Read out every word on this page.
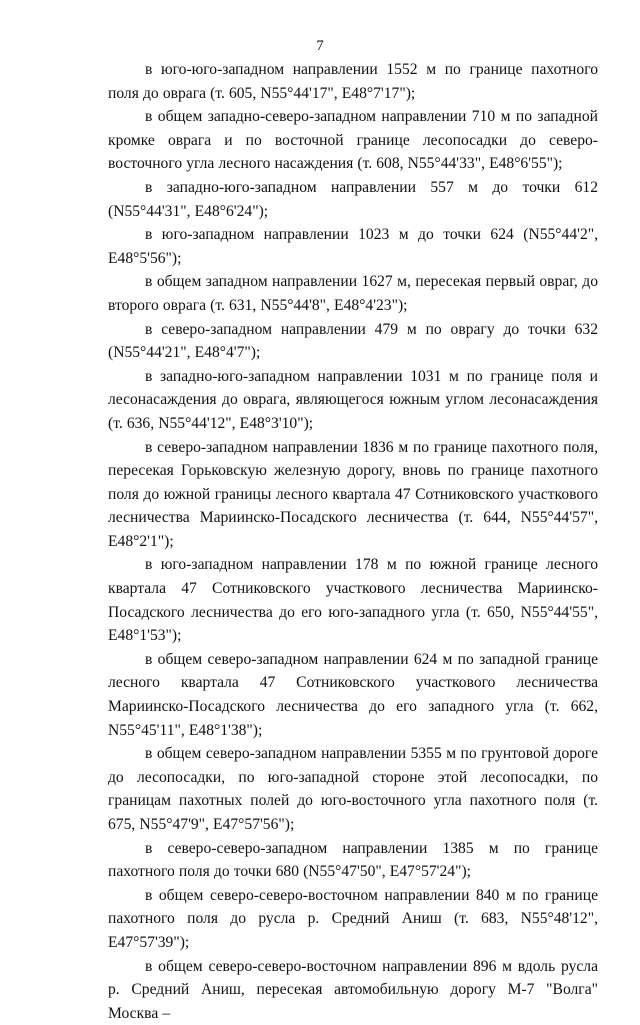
7

в юго-юго-западном направлении 1552 м по границе пахотного поля до оврага (т. 605, N55°44'17", E48°7'17");

в общем западно-северо-западном направлении 710 м по западной кромке оврага и по восточной границе лесопосадки до северо-восточного угла лесного насаждения (т. 608, N55°44'33", E48°6'55");

в западно-юго-западном направлении 557 м до точки 612 (N55°44'31", E48°6'24");

в юго-западном направлении 1023 м до точки 624 (N55°44'2", E48°5'56");

в общем западном направлении 1627 м, пересекая первый овраг, до второго оврага (т. 631, N55°44'8", E48°4'23");

в северо-западном направлении 479 м по оврагу до точки 632 (N55°44'21", E48°4'7");

в западно-юго-западном направлении 1031 м по границе поля и лесонасаждения до оврага, являющегося южным углом лесонасаждения (т. 636, N55°44'12", E48°3'10");

в северо-западном направлении 1836 м по границе пахотного поля, пересекая Горьковскую железную дорогу, вновь по границе пахотного поля до южной границы лесного квартала 47 Сотниковского участкового лесничества Мариинско-Посадского лесничества (т. 644, N55°44'57", E48°2'1");

в юго-западном направлении 178 м по южной границе лесного квартала 47 Сотниковского участкового лесничества Мариинско-Посадского лесничества до его юго-западного угла (т. 650, N55°44'55", E48°1'53");

в общем северо-западном направлении 624 м по западной границе лесного квартала 47 Сотниковского участкового лесничества Мариинско-Посадского лесничества до его западного угла (т. 662, N55°45'11", E48°1'38");

в общем северо-западном направлении 5355 м по грунтовой дороге до лесопосадки, по юго-западной стороне этой лесопосадки, по границам пахотных полей до юго-восточного угла пахотного поля (т. 675, N55°47'9", E47°57'56");

в северо-северо-западном направлении 1385 м по границе пахотного поля до точки 680 (N55°47'50", E47°57'24");

в общем северо-северо-восточном направлении 840 м по границе пахотного поля до русла р. Средний Аниш (т. 683, N55°48'12", E47°57'39");

в общем северо-северо-восточном направлении 896 м вдоль русла р. Средний Аниш, пересекая автомобильную дорогу М-7 "Волга" Москва –
